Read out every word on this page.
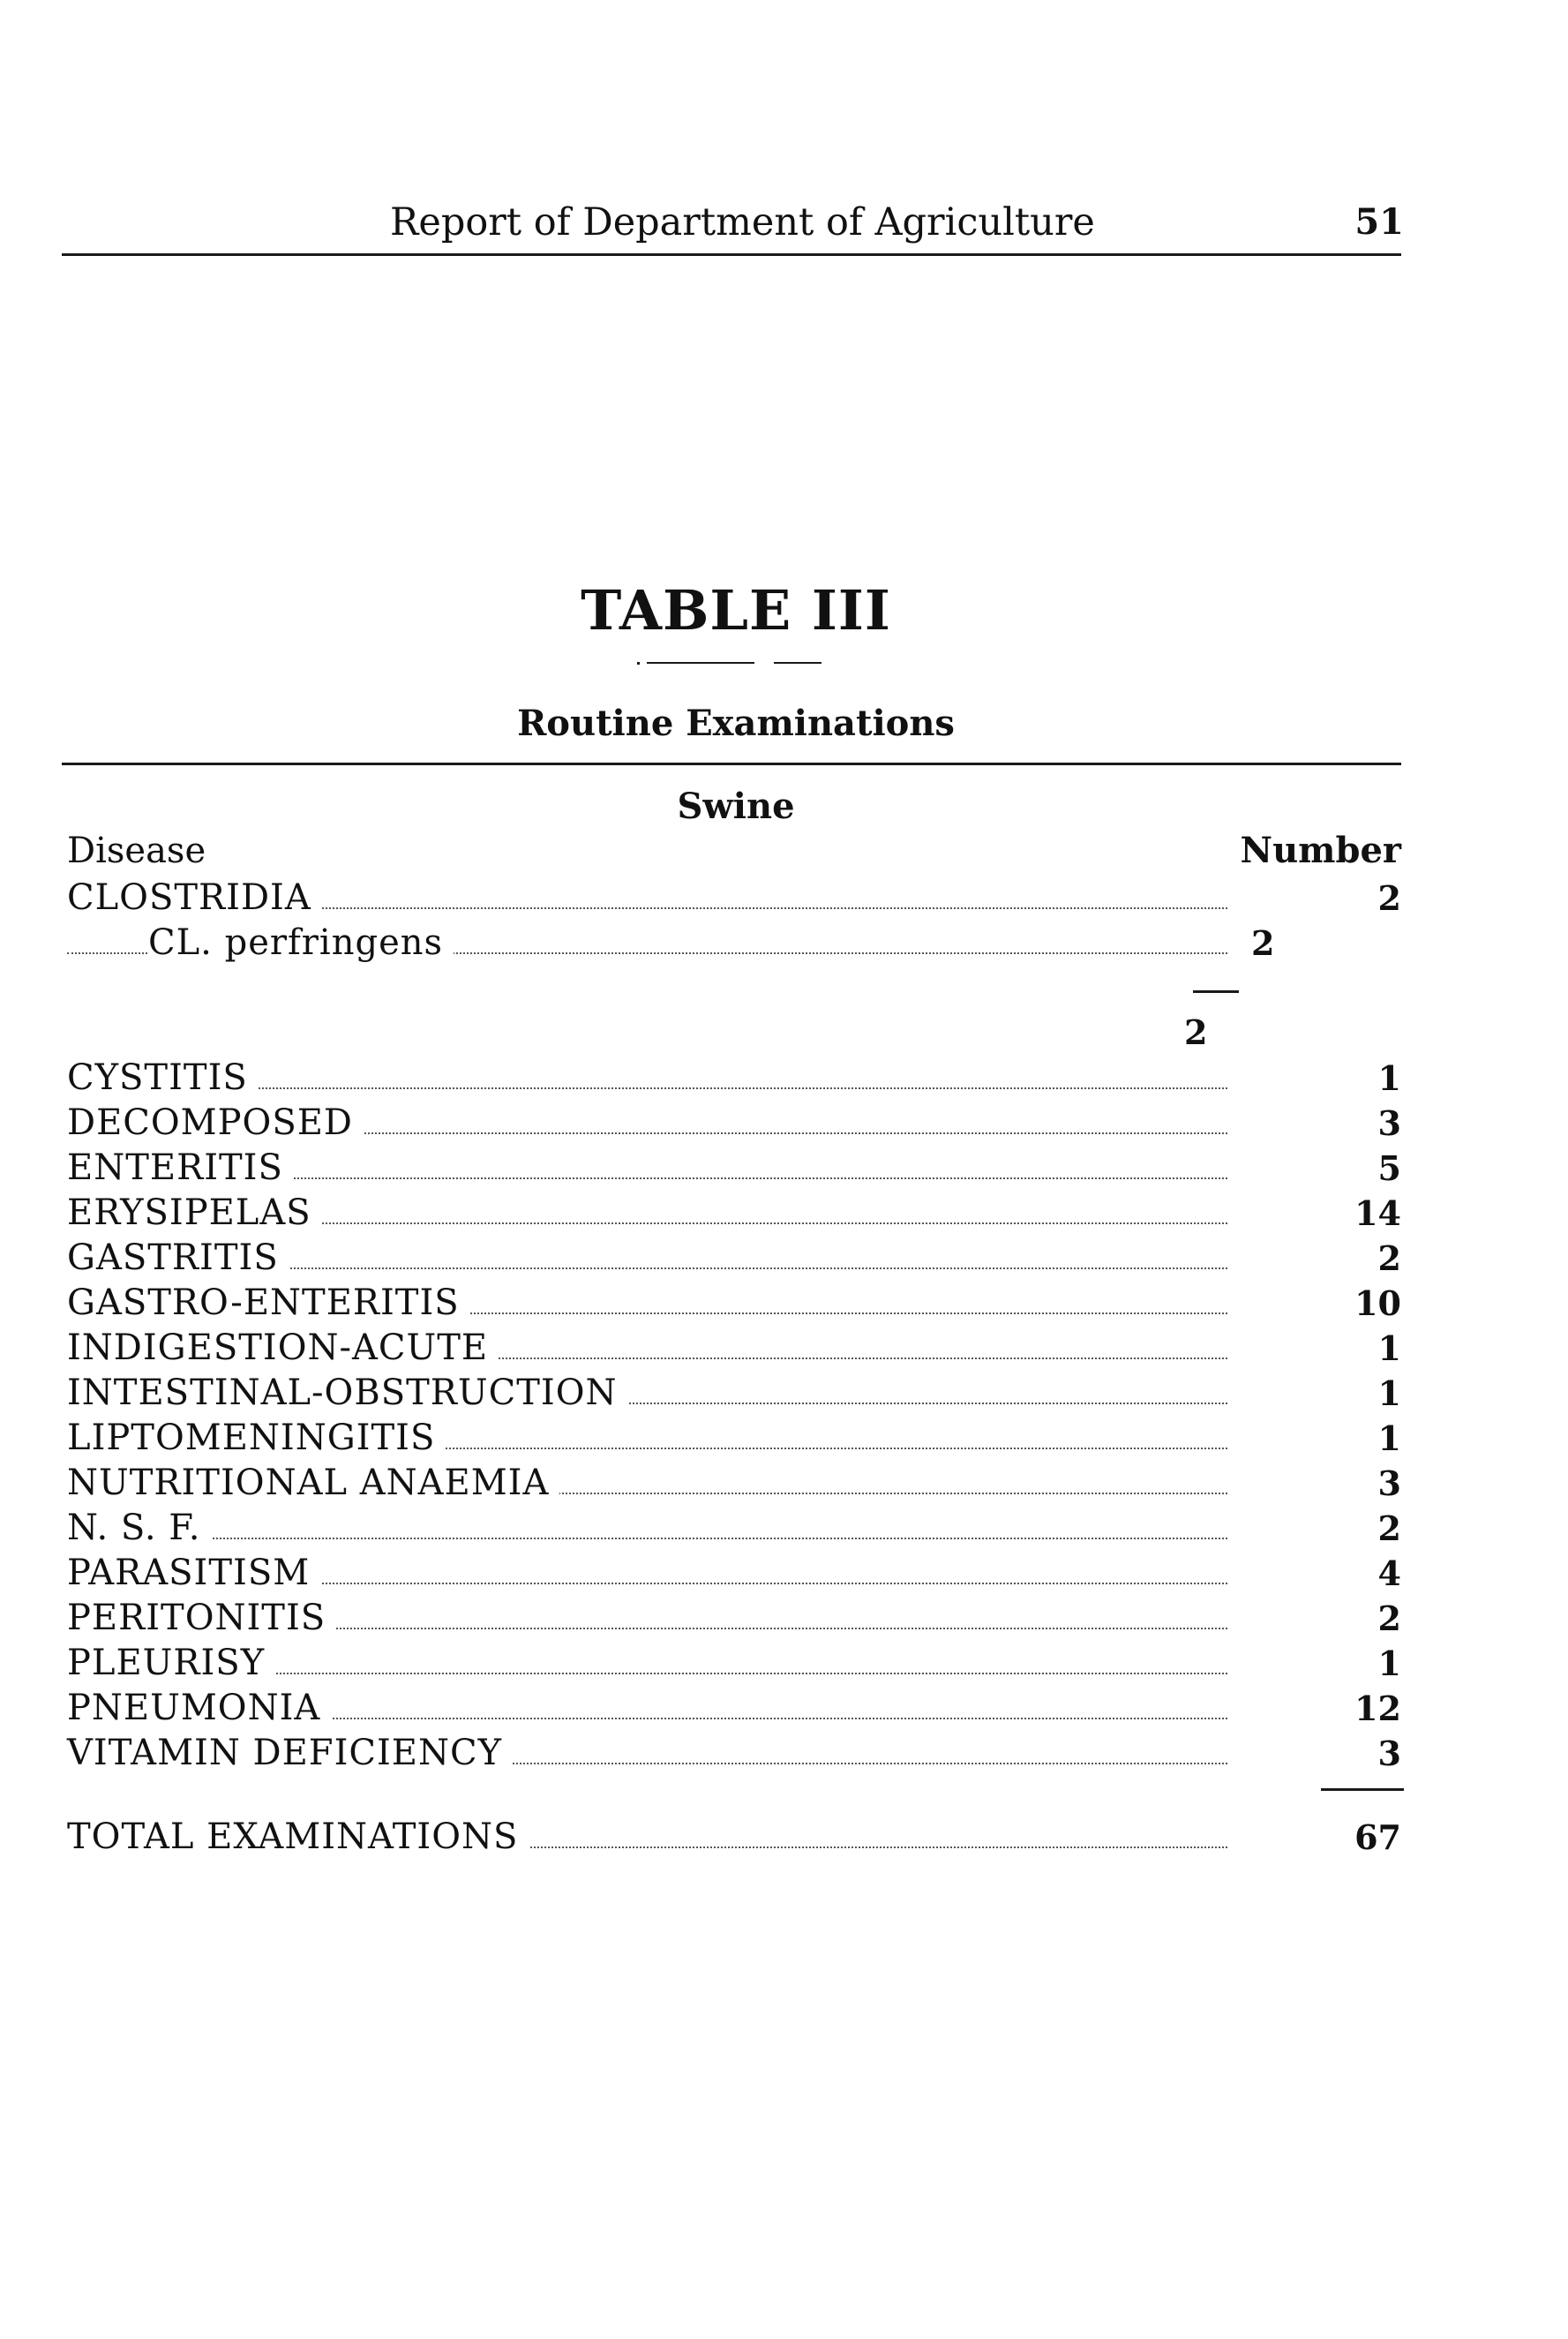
Report of Department of Agriculture	51
TABLE III
Routine Examinations
Swine
Disease	Number
CLOSTRIDIA	2
CL. perfringens	2
2
CYSTITIS	1
DECOMPOSED	3
ENTERITIS	5
ERYSIPELAS	14
GASTRITIS	2
GASTRO-ENTERITIS	10
INDIGESTION-ACUTE	1
INTESTINAL-OBSTRUCTION	1
LIPTOMENINGITIS	1
NUTRITIONAL ANAEMIA	3
N. S. F.	2
PARASITISM	4
PERITONITIS	2
PLEURISY	1
PNEUMONIA	12
VITAMIN DEFICIENCY	3
TOTAL EXAMINATIONS	67
